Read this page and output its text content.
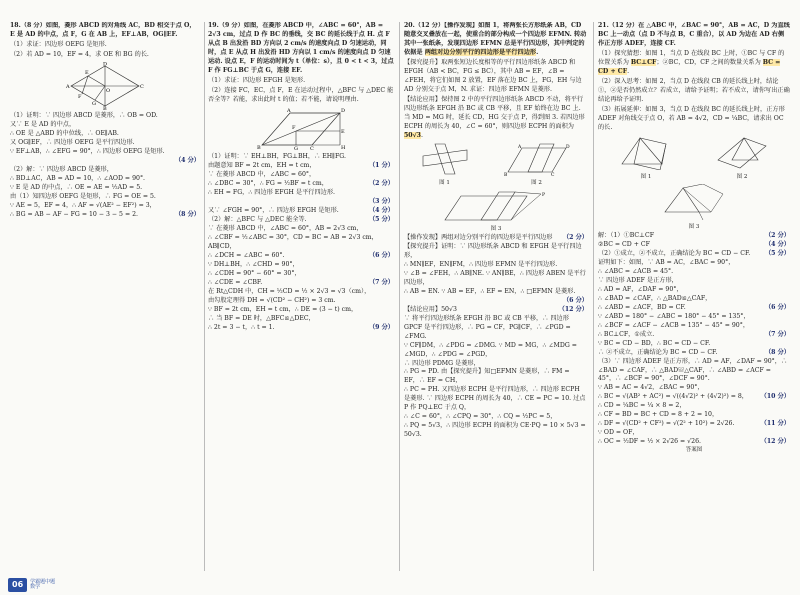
18.（8 分）如图，菱形 ABCD 的对角线 AC，BD 相交于点 O，E 是 AD 的中点，点 F，G 在 AB 上，EF⊥AB，OG∥EF.
（1）求证：四边形 OEFG 是矩形.
（2）若 AD = 10，EF = 4，求 OE 和 BG 的长.
A	C
D
B
E
O
F
G
（1）证明：∵ 四边形 ABCD 是菱形，∴ OB = OD.
又∵ E 是 AD 的中点，
∴ OE 是 △ABD 的中位线，∴ OE∥AB.
又 OG∥EF，∴ 四边形 OEFG 是平行四边形.
∵ EF⊥AB，∴ ∠EFG = 90°，∴ 四边形 OEFG 是矩形.
（4 分）
（2）解：∵ 四边形 ABCD 是菱形，
∴ BD⊥AC，AB = AD = 10，∴ ∠AOD = 90°.
∵ E 是 AD 的中点，∴ OE = AE = ½AD = 5.
由（1）知四边形 OEFG 是矩形，∴ FG = OE = 5.
∵ AE = 5，EF = 4，∴ AF = √(AE² − EF²) = 3，
∴ BG = AB − AF − FG = 10 − 3 − 5 = 2.	（8 分）
19.（9 分）如图，在菱形 ABCD 中，∠ABC = 60°，AB = 2√3 cm，过点 D 作 BC 的垂线，交 BC 的延长线于点 H. 点 F 从点 B 出发沿 BD 方向以 2 cm/s 的速度向点 D 匀速运动，同时，点 E 从点 H 出发沿 HD 方向以 1 cm/s 的速度向点 D 匀速运动. 设点 E，F 的运动时间为 t（单位：s），且 0 < t < 3，过点 F 作 FG⊥BC 于点 G，连接 EF.
（1）求证：四边形 EFGH 是矩形.
（2）连接 FC，EC，点 F，E 在运动过程中，△BFC 与 △DEC 能否全等？若能，求出此时 t 的值；若不能，请说明理由.
A	D
B	C	H
G
F
E
（1）证明：∵ EH⊥BH，FG⊥BH，∴ EH∥FG.
由题意知 BF = 2t cm，EH = t cm，	（1 分）
∵ 在菱形 ABCD 中，∠ABC = 60°，
∴ ∠DBC = 30°，∴ FG = ½BF = t cm，	（2 分）
∴ EH = FG，∴ 四边形 EFGH 是平行四边形.
（3 分）
又∵ ∠FGH = 90°，∴ 四边形 EFGH 是矩形.	（4 分）
（2）解：△BFC 与 △DEC 能全等.	（5 分）
∵ 在菱形 ABCD 中，∠ABC = 60°，AB = 2√3 cm，
∴ ∠CBF = ½∠ABC = 30°，CD = BC = AB = 2√3 cm，AB∥CD，
∴ ∠DCH = ∠ABC = 60°.	（6 分）
∵ DH⊥BH，∴ ∠CHD = 90°，
∴ ∠CDH = 90° − 60° = 30°，
∴ ∠CDE = ∠CBF.	（7 分）
在 Rt△CDH 中，CH = ½CD = ½ × 2√3 = √3（cm），
由勾股定理得 DH = √(CD² − CH²) = 3 cm.
∵ BF = 2t cm，EH = t cm，∴ DE = (3 − t) cm，
∴ 当 BF = DE 时，△BFC≌△DEC，
∴ 2t = 3 − t，∴ t = 1.	（9 分）
20.（12 分）【操作发现】如图 1，将两张长方形纸条 AB，CD 随意交叉叠放在一起，使重合的部分构成一个四边形 EFMN. 转动其中一张纸条，发现四边形 EFMN 总是平行四边形，其中判定的依据是 两组对边分别平行的四边形是平行四边形.
【探究提升】取两张短边长度相等的平行四边形纸条 ABCD 和 EFGH（AB < BC，FG ≤ BC），其中 AB = EF，∠B = ∠FEH，将它们如图 2 放置，EF 落在边 BC 上，FG，EH 与边 AD 分别交于点 M，N. 求证：四边形 EFMN 是菱形.
【结论应用】保持图 2 中的平行四边形纸条 ABCD 不动，将平行四边形纸条 EFGH 沿 BC 或 CB 平移，且 EF 始终在边 BC 上. 当 MD = MG 时，延长 CD，HG 交于点 P，得到图 3. 若四边形 ECPH 的周长为 40，∠C = 60°，则四边形 ECPH 的面积为 50√3.
图 1
B	C
A	D
图 2
P
图 3
【操作发现】两组对边分别平行的四边形是平行四边形	（2 分）
【探究提升】证明：∵ 四边形纸条 ABCD 和 EFGH 是平行四边形，
∴ MN∥EF，EN∥FM，∴ 四边形 EFMN 是平行四边形.
∵ ∠B = ∠FEH，∴ AB∥NE. ∵ AN∥BE，∴ 四边形 ABEN 是平行四边形，
∴ AB = EN. ∵ AB = EF，∴ EF = EN，∴ □EFMN 是菱形.
（6 分）
【结论应用】50√3	（12 分）
∵ 将平行四边形纸条 EFGH 沿 BC 或 CB 平移，∴ 四边形 GPCF 是平行四边形，∴ PG = CF，PG∥CF，∴ ∠PGD = ∠FMG.
∵ CF∥DM，∴ ∠PDG = ∠DMG. ∵ MD = MG，∴ ∠MDG = ∠MGD，∴ ∠PDG = ∠PGD，
∴ 四边形 PDMG 是菱形，
∴ PG = PD. 由【探究提升】知□EFMN 是菱形，∴ FM = EF，∴ EF = CH，
∴ PC = PH. 又四边形 ECPH 是平行四边形，∴ 四边形 ECPH 是菱形. ∵ 四边形 ECPH 的周长为 40，∴ CE = PC = 10. 过点 P 作 PQ⊥EC 于点 Q，
∴ ∠C = 60°，∴ ∠CPQ = 30°，∴ CQ = ½PC = 5，
∴ PQ = 5√3，∴ 四边形 ECPH 的面积为 CE·PQ = 10 × 5√3 = 50√3.
21.（12 分）在 △ABC 中，∠BAC = 90°，AB = AC，D 为直线 BC 上一动点（点 D 不与点 B，C 重合），以 AD 为边在 AD 右侧作正方形 ADEF，连接 CF.
（1）探究猜想：如图 1，当点 D 在线段 BC 上时，①BC 与 CF 的位置关系为 BC⊥CF；②BC，CD，CF 之间的数量关系为 BC = CD + CF.
（2）深入思考：如图 2，当点 D 在线段 CB 的延长线上时，结论①，②是否仍然成立？若成立，请给予证明；若不成立，请你写出正确结论再给予证明.
（3）拓展延伸：如图 3，当点 D 在线段 BC 的延长线上时，正方形 ADEF 对角线交于点 O，若 AB = 4√2，CD = ¼BC，请求出 OC 的长.
图 1	图 2
图 3
解：（1）①BC⊥CF	（2 分）
②BC = CD + CF	（4 分）
（2）①成立，②不成立，正确结论为 BC = CD − CF.	（5 分）
证明如下：如图，∵ AB = AC，∠BAC = 90°，
∴ ∠ABC = ∠ACB = 45°.
∵ 四边形 ADEF 是正方形，
∴ AD = AF，∠DAF = 90°，
∴ ∠BAD = ∠CAF，∴ △BAD≌△CAF，
∴ ∠ABD = ∠ACF，BD = CF.	（6 分）
∵ ∠ABD = 180° − ∠ABC = 180° − 45° = 135°，
∴ ∠BCF = ∠ACF − ∠ACB = 135° − 45° = 90°，
∴ BC⊥CF，①成立.	（7 分）
∵ BC = CD − BD，∴ BC = CD − CF.
∴ ②不成立，正确结论为 BC = CD − CF.	（8 分）
（3）∵ 四边形 ADEF 是正方形，∴ AD = AF，∠DAF = 90°，∴ ∠BAD = ∠CAF，∴ △BAD≌△CAF，∴ ∠ABD = ∠ACF = 45°，∴ ∠BCF = 90°，∠DCF = 90°.
∵ AB = AC = 4√2，∠BAC = 90°，
∴ BC = √(AB² + AC²) = √((4√2)² + (4√2)²) = 8，	（10 分）
∴ CD = ¼BC = ¼ × 8 = 2，
∴ CF = BD = BC + CD = 8 + 2 = 10，
∴ DF = √(CD² + CF²) = √(2² + 10²) = 2√26.	（11 分）
∵ OD = OF，
∴ OC = ½DF = ½ × 2√26 = √26.	（12 分）
答案图
06	学霸题中题
数学
